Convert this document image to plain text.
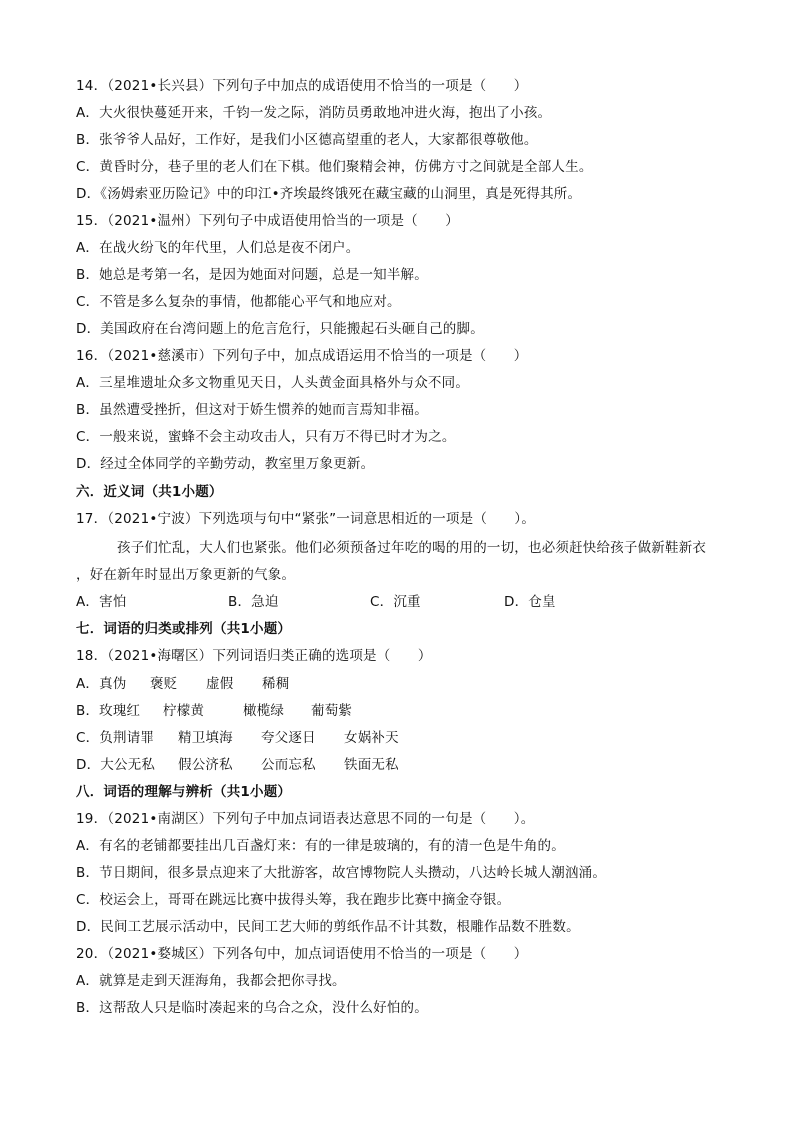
14．（2021•长兴县）下列句子中加点的成语使用不恰当的一项是（　　）
A．大火很快蔓延开来，千钧一发之际，消防员勇敢地冲进火海，抱出了小孩。
B．张爷爷人品好，工作好，是我们小区德高望重的老人，大家都很尊敬他。
C．黄昏时分，巷子里的老人们在下棋。他们聚精会神，仿佛方寸之间就是全部人生。
D．《汤姆索亚历险记》中的印江•齐埃最终饿死在藏宝藏的山洞里，真是死得其所。
15．（2021•温州）下列句子中成语使用恰当的一项是（　　）
A．在战火纷飞的年代里，人们总是夜不闭户。
B．她总是考第一名，是因为她面对问题，总是一知半解。
C．不管是多么复杂的事情，他都能心平气和地应对。
D．美国政府在台湾问题上的危言危行，只能搬起石头砸自己的脚。
16．（2021•慈溪市）下列句子中，加点成语运用不恰当的一项是（　　）
A．三星堆遗址众多文物重见天日，人头黄金面具格外与众不同。
B．虽然遭受挫折，但这对于娇生惯养的她而言焉知非福。
C．一般来说，蜜蜂不会主动攻击人，只有万不得已时才为之。
D．经过全体同学的辛勤劳动，教室里万象更新。
六．近义词（共1小题）
17．（2021•宁波）下列选项与句中“紧张”一词意思相近的一项是（　　）。
孩子们忙乱，大人们也紧张。他们必须预备过年吃的喝的用的一切，也必须赶快给孩子做新鞋新衣
，好在新年时显出万象更新的气象。
A．害怕	B．急迫	C．沉重	D．仓皇
七．词语的归类或排列（共1小题）
18．（2021•海曙区）下列词语归类正确的选项是（　　）
A．真伪	褒贬	虚假	稀稠
B．玫瑰红	柠檬黄	橄榄绿	葡萄紫
C．负荆请罪	精卫填海	夸父逐日	女娲补天
D．大公无私	假公济私	公而忘私	铁面无私
八．词语的理解与辨析（共1小题）
19．（2021•南湖区）下列句子中加点词语表达意思不同的一句是（　　）。
A．有名的老铺都要挂出几百盏灯来：有的一律是玻璃的，有的清一色是牛角的。
B．节日期间，很多景点迎来了大批游客，故宫博物院人头攒动，八达岭长城人潮汹涌。
C．校运会上，哥哥在跳远比赛中拔得头筹，我在跑步比赛中摘金夺银。
D．民间工艺展示活动中，民间工艺大师的剪纸作品不计其数，根雕作品数不胜数。
20．（2021•婺城区）下列各句中，加点词语使用不恰当的一项是（　　）
A．就算是走到天涯海角，我都会把你寻找。
B．这帮敌人只是临时凑起来的乌合之众，没什么好怕的。
